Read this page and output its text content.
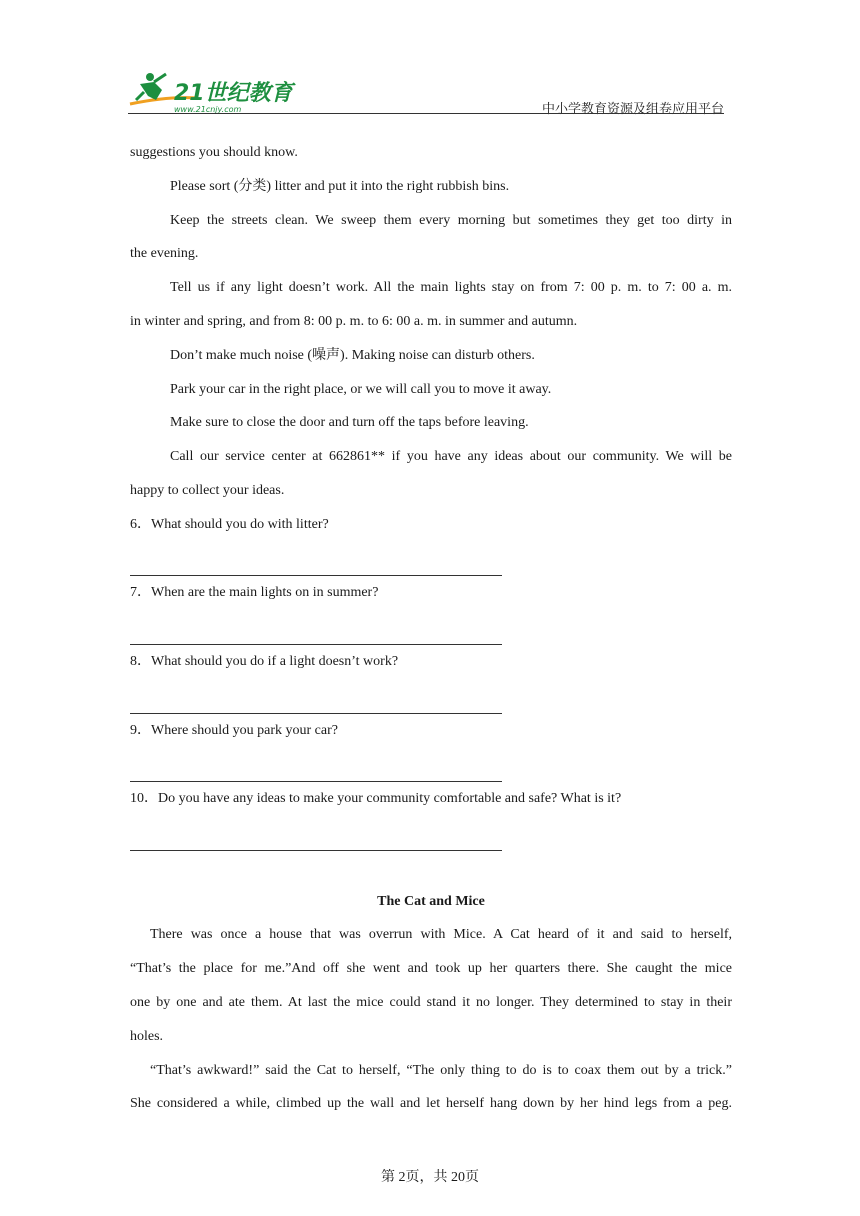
21世纪教育
www.21cnjy.com	中小学教育资源及组卷应用平台
suggestions you should know.
Please sort (分类) litter and put it into the right rubbish bins.
Keep the streets clean. We sweep them every morning but sometimes they get too dirty in
the evening.
Tell us if any light doesn’t work. All the main lights stay on from 7: 00 p. m. to 7: 00 a. m.
in winter and spring, and from 8: 00 p. m. to 6: 00 a. m. in summer and autumn.
Don’t make much noise (噪声). Making noise can disturb others.
Park your car in the right place, or we will call you to move it away.
Make sure to close the door and turn off the taps before leaving.
Call our service center at 662861** if you have any ideas about our community. We will be
happy to collect your ideas.
6．What should you do with litter?
7．When are the main lights on in summer?
8．What should you do if a light doesn’t work?
9．Where should you park your car?
10．Do you have any ideas to make your community comfortable and safe? What is it?
The Cat and Mice
There was once a house that was overrun with Mice. A Cat heard of it and said to herself,
“That’s the place for me.”And off she went and took up her quarters there. She caught the mice
one by one and ate them. At last the mice could stand it no longer. They determined to stay in their
holes.
“That’s awkward!” said the Cat to herself, “The only thing to do is to coax them out by a trick.”
She considered a while, climbed up the wall and let herself hang down by her hind legs from a peg.
第 2页，共 20页
